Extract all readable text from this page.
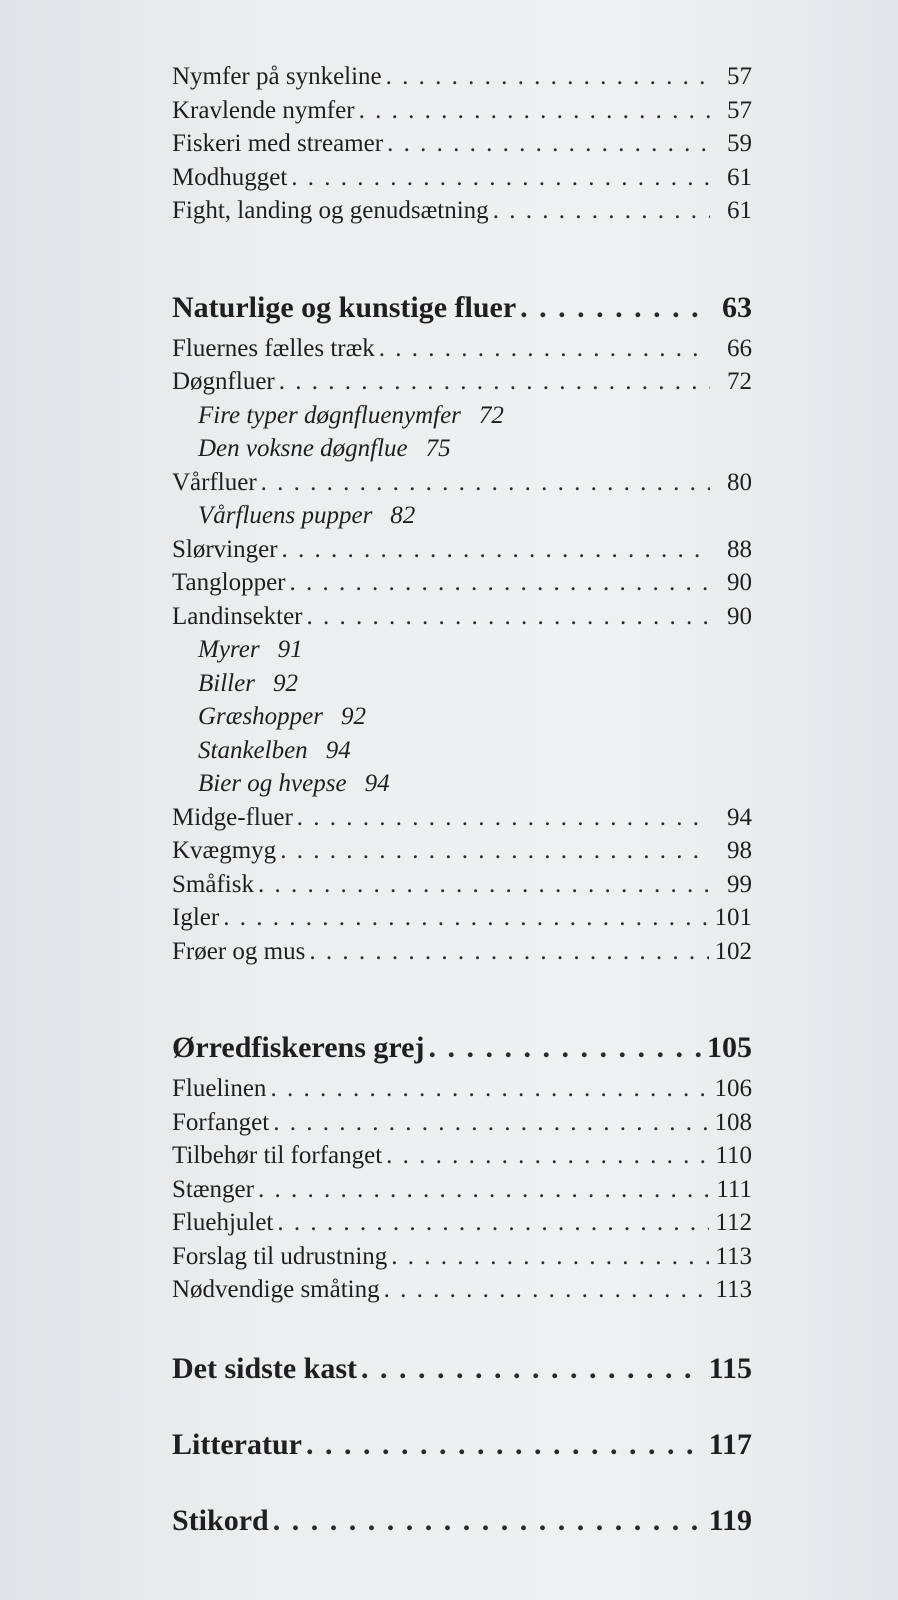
Nymfer på synkeline . . .	57
Kravlende nymfer . . .	57
Fiskeri med streamer . . .	59
Modhugget . . .	61
Fight, landing og genudsætning . . .	61
Naturlige og kunstige fluer . . .	63
Fluernes fælles træk . . .	66
Døgnfluer . . .	72
Fire typer døgnfluenymfer 72
Den voksne døgnflue 75
Vårfluer . . .	80
Vårfluens pupper 82
Slørvinger . . .	88
Tanglopper . . .	90
Landinsekter . . .	90
Myrer 91
Biller 92
Græshopper 92
Stankelben 94
Bier og hvepse 94
Midge-fluer . . .	94
Kvægmyg . . .	98
Småfisk . . .	99
Igler . . .	101
Frøer og mus . . .	102
Ørredfiskerens grej . . .	105
Fluelinen . . .	106
Forfanget . . .	108
Tilbehør til forfanget . . .	110
Stænger . . .	111
Fluehjulet . . .	112
Forslag til udrustning . . .	113
Nødvendige småting . . .	113
Det sidste kast . . .	115
Litteratur . . .	117
Stikord . . .	119
